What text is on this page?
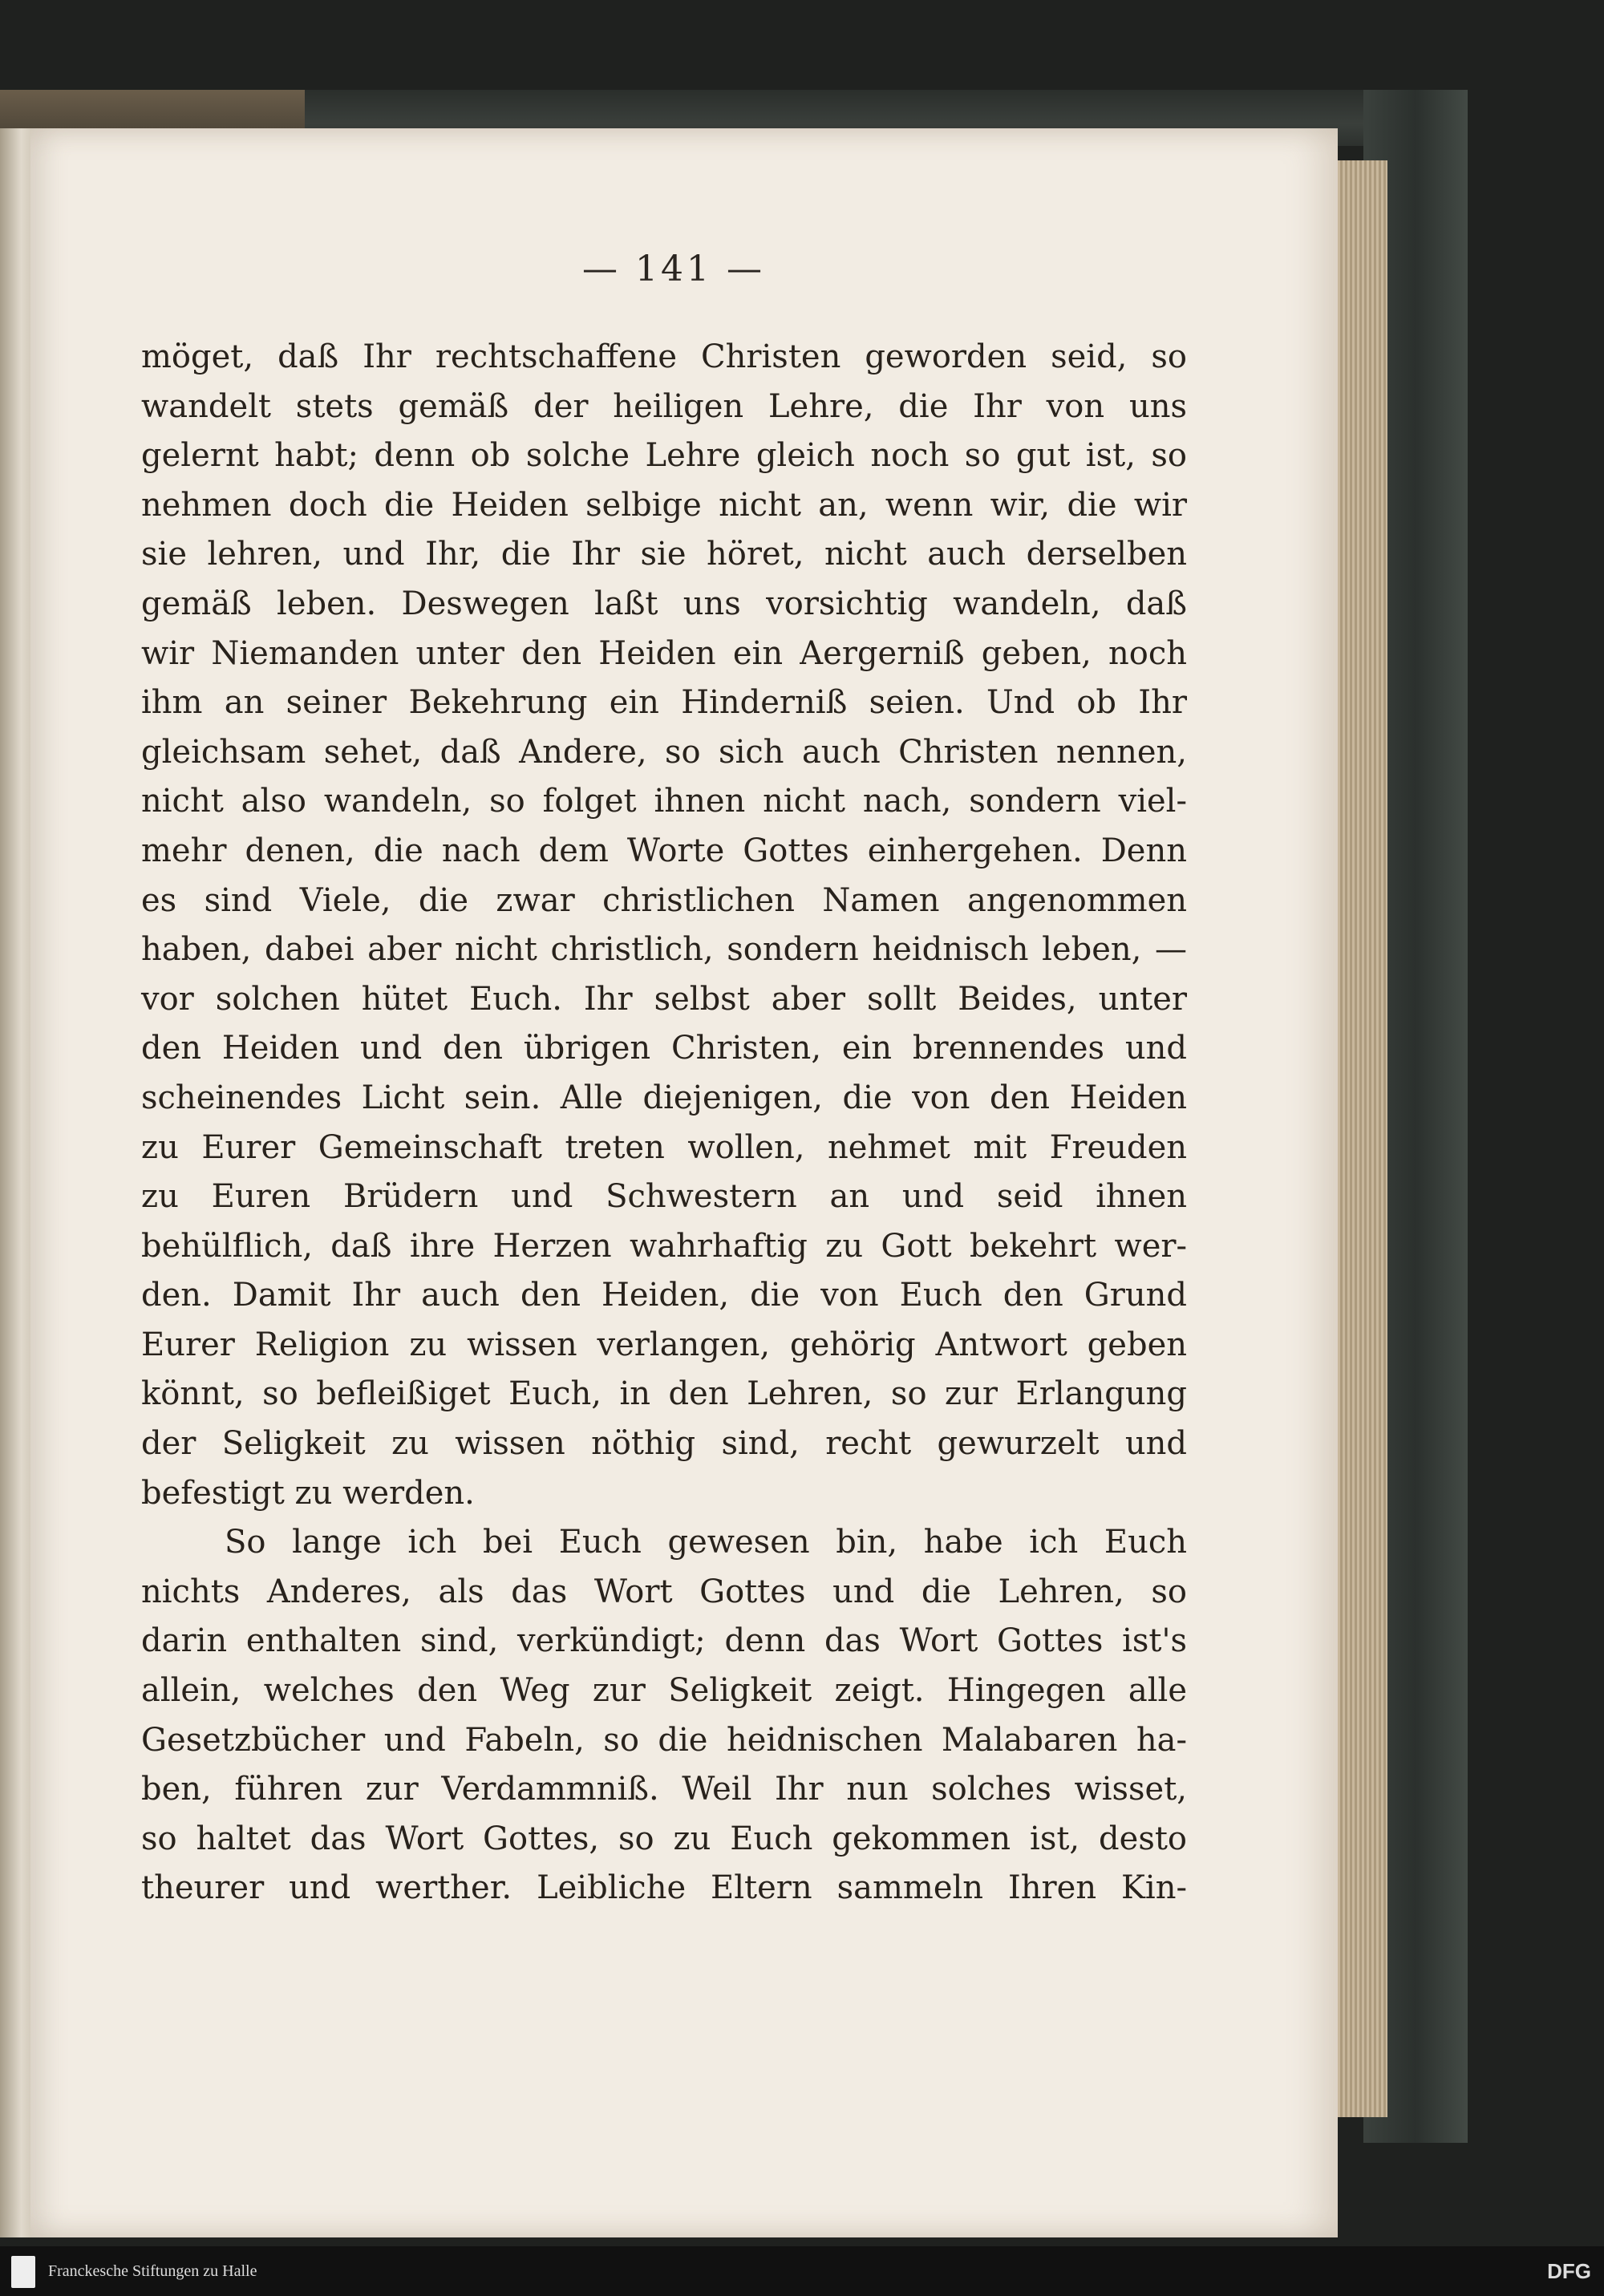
— 141 —
möget, daß Ihr rechtschaffene Christen geworden seid, so
wandelt stets gemäß der heiligen Lehre, die Ihr von uns
gelernt habt; denn ob solche Lehre gleich noch so gut ist, so
nehmen doch die Heiden selbige nicht an, wenn wir, die wir
sie lehren, und Ihr, die Ihr sie höret, nicht auch derselben
gemäß leben. Deswegen laßt uns vorsichtig wandeln, daß
wir Niemanden unter den Heiden ein Aergerniß geben, noch
ihm an seiner Bekehrung ein Hinderniß seien. Und ob Ihr
gleichsam sehet, daß Andere, so sich auch Christen nennen,
nicht also wandeln, so folget ihnen nicht nach, sondern viel-
mehr denen, die nach dem Worte Gottes einhergehen. Denn
es sind Viele, die zwar christlichen Namen angenommen
haben, dabei aber nicht christlich, sondern heidnisch leben, —
vor solchen hütet Euch. Ihr selbst aber sollt Beides, unter
den Heiden und den übrigen Christen, ein brennendes und
scheinendes Licht sein. Alle diejenigen, die von den Heiden
zu Eurer Gemeinschaft treten wollen, nehmet mit Freuden
zu Euren Brüdern und Schwestern an und seid ihnen
behülflich, daß ihre Herzen wahrhaftig zu Gott bekehrt wer-
den. Damit Ihr auch den Heiden, die von Euch den Grund
Eurer Religion zu wissen verlangen, gehörig Antwort geben
könnt, so befleißiget Euch, in den Lehren, so zur Erlangung
der Seligkeit zu wissen nöthig sind, recht gewurzelt und
befestigt zu werden.
So lange ich bei Euch gewesen bin, habe ich Euch
nichts Anderes, als das Wort Gottes und die Lehren, so
darin enthalten sind, verkündigt; denn das Wort Gottes ist's
allein, welches den Weg zur Seligkeit zeigt. Hingegen alle
Gesetzbücher und Fabeln, so die heidnischen Malabaren ha-
ben, führen zur Verdammniß. Weil Ihr nun solches wisset,
so haltet das Wort Gottes, so zu Euch gekommen ist, desto
theurer und werther. Leibliche Eltern sammeln Ihren Kin-
Franckesche Stiftungen zu Halle	DFG
